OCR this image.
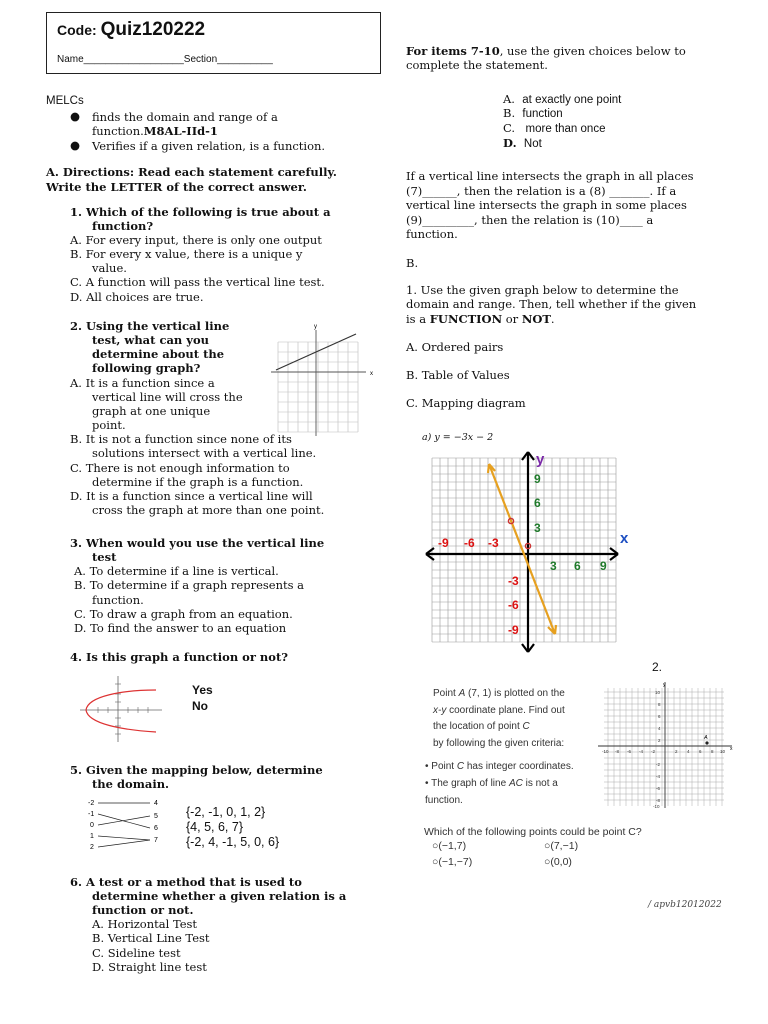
Code: Quiz120222
Name__________________Section__________
MELCs
● finds the domain and range of a
function.M8AL-IId-1
● Verifies if a given relation, is a function.
A. Directions: Read each statement carefully.
Write the LETTER of the correct answer.
1. Which of the following is true about a
function?
A. For every input, there is only one output
B. For every x value, there is a unique y
value.
C. A function will pass the vertical line test.
D. All choices are true.
2. Using the vertical line
test, what can you
determine about the
following graph?
A. It is a function since a
vertical line will cross the
graph at one unique
point.
B. It is not a function since none of its
solutions intersect with a vertical line.
C. There is not enough information to
determine if the graph is a function.
D. It is a function since a vertical line will
cross the graph at more than one point.
x
y
3. When would you use the vertical line
test
A. To determine if a line is vertical.
B. To determine if a graph represents a
function.
C. To draw a graph from an equation.
D. To find the answer to an equation
4. Is this graph a function or not?
Yes
No
5. Given the mapping below, determine
the domain.
-2
-1
0
1
2
4
5
6
7
{-2, -1, 0, 1, 2}
{4, 5, 6, 7}
{-2, 4, -1, 5, 0, 6}
6. A test or a method that is used to
determine whether a given relation is a
function or not.
A. Horizontal Test
B. Vertical Line Test
C. Sideline test
D. Straight line test
For items 7-10, use the given choices below to
complete the statement.
A. at exactly one point
B. function
C.   more than once
D. Not
If a vertical line intersects the graph in all places
(7)______, then the relation is a (8) _______. If a
vertical line intersects the graph in some places
(9)_________, then the relation is (10)____ a
function.
B.
1. Use the given graph below to determine the
domain and range. Then, tell whether if the given
is a FUNCTION or NOT.
A. Ordered pairs
B. Table of Values
C. Mapping diagram
a) y = −3x − 2
y
x
-9 -6 -3
3 6 9
9
6
3
-3
-6
-9
2.
Point A (7, 1) is plotted on the
x-y coordinate plane. Find out
the location of point C
by following the given criteria:
• Point C has integer coordinates.
• The graph of line AC is not a
function.
x
y
-10 -8 -6 -4 -2	2 4 6 8 10
10
8
6
4
2
-2
-4
-6
-8
-10
A
Which of the following points could be point C?
○(−1,7)	○(7,−1)
○(−1,−7)	○(0,0)
/ apvb12012022
